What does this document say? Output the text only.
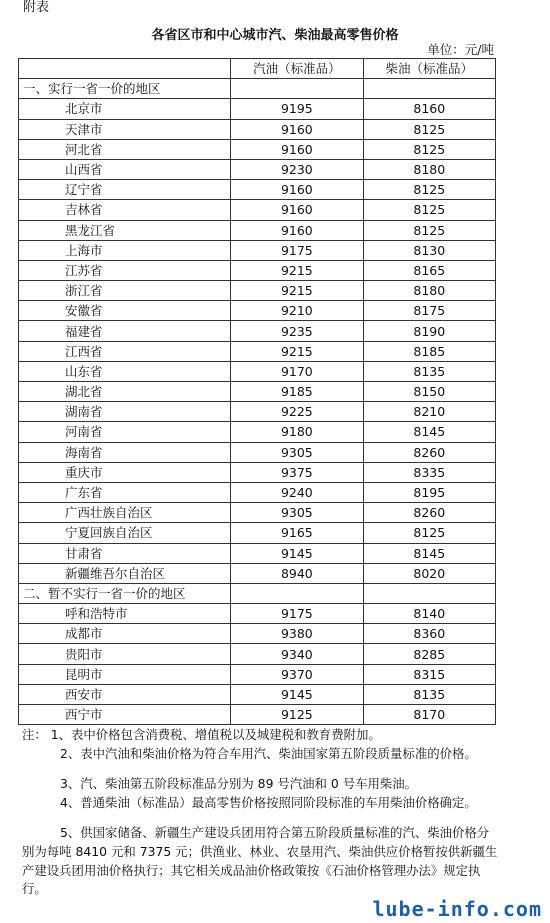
附表
各省区市和中心城市汽、柴油最高零售价格
单位：元/吨
	汽油（标准品）	柴油（标准品）
一、实行一省一价的地区		
北京市	9195	8160
天津市	9160	8125
河北省	9160	8125
山西省	9230	8180
辽宁省	9160	8125
吉林省	9160	8125
黑龙江省	9160	8125
上海市	9175	8130
江苏省	9215	8165
浙江省	9215	8180
安徽省	9210	8175
福建省	9235	8190
江西省	9215	8185
山东省	9170	8135
湖北省	9185	8150
湖南省	9225	8210
河南省	9180	8145
海南省	9305	8260
重庆市	9375	8335
广东省	9240	8195
广西壮族自治区	9305	8260
宁夏回族自治区	9165	8125
甘肃省	9145	8145
新疆维吾尔自治区	8940	8020
二、暂不实行一省一价的地区		
呼和浩特市	9175	8140
成都市	9380	8360
贵阳市	9340	8285
昆明市	9370	8315
西安市	9145	8135
西宁市	9125	8170

注： 1、表中价格包含消费税、增值税以及城建税和教育费附加。

2、表中汽油和柴油价格为符合车用汽、柴油国家第五阶段质量标准的价格。

3、汽、柴油第五阶段标准品分别为 89 号汽油和 0 号车用柴油。

4、普通柴油（标准品）最高零售价格按照同阶段标准的车用柴油价格确定。

5、供国家储备、新疆生产建设兵团用符合第五阶段质量标准的汽、柴油价格分别为每吨 8410 元和 7375 元；供渔业、林业、农垦用汽、柴油供应价格暂按供新疆生产建设兵团用油价格执行；其它相关成品油价格政策按《石油价格管理办法》规定执行。

lube-info.com
